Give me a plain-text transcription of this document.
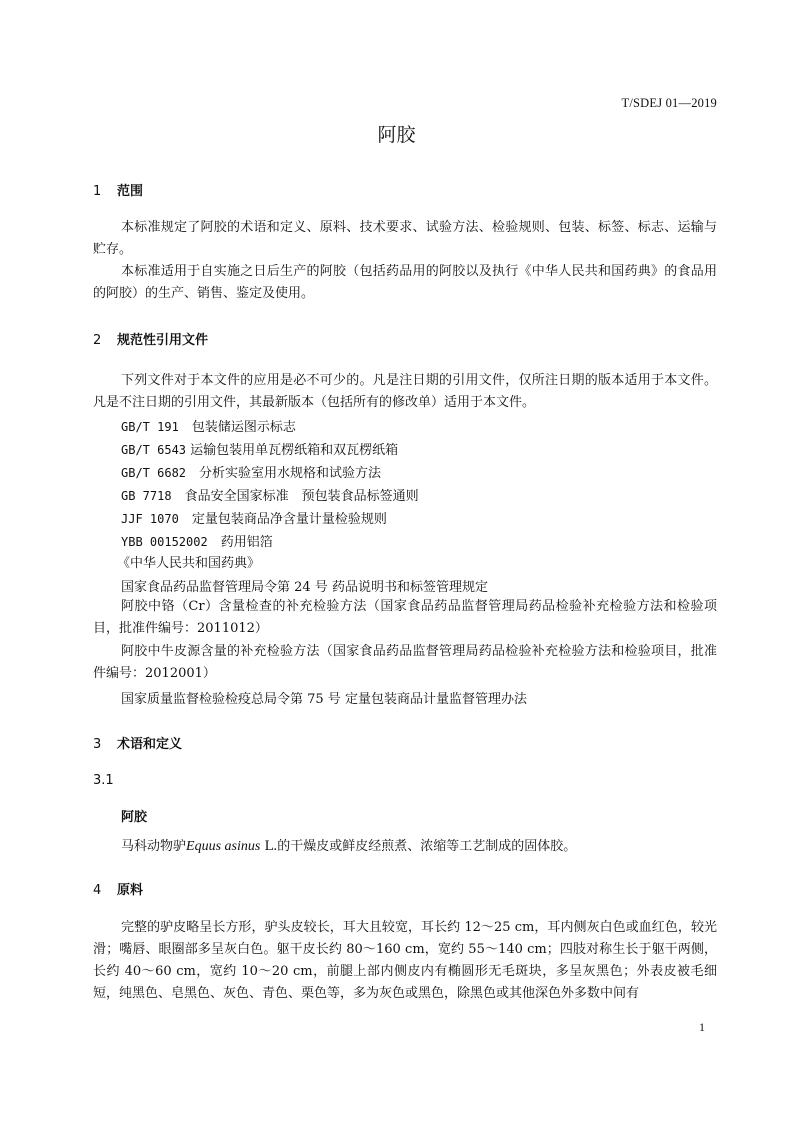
T/SDEJ 01—2019
阿胶
1 范围
本标准规定了阿胶的术语和定义、原料、技术要求、试验方法、检验规则、包装、标签、标志、运输与贮存。
本标准适用于自实施之日后生产的阿胶（包括药品用的阿胶以及执行《中华人民共和国药典》的食品用的阿胶）的生产、销售、鉴定及使用。
2 规范性引用文件
下列文件对于本文件的应用是必不可少的。凡是注日期的引用文件，仅所注日期的版本适用于本文件。凡是不注日期的引用文件，其最新版本（包括所有的修改单）适用于本文件。
GB/T 191　 包装储运图示标志
GB/T 6543 运输包装用单瓦楞纸箱和双瓦楞纸箱
GB/T 6682　 分析实验室用水规格和试验方法
GB 7718　 食品安全国家标准　预包装食品标签通则
JJF 1070　 定量包装商品净含量计量检验规则
YBB 00152002　 药用铝箔
《中华人民共和国药典》
国家食品药品监督管理局令第 24 号 药品说明书和标签管理规定
阿胶中铬（Cr）含量检查的补充检验方法（国家食品药品监督管理局药品检验补充检验方法和检验项目，批准件编号：2011012）
阿胶中牛皮源含量的补充检验方法（国家食品药品监督管理局药品检验补充检验方法和检验项目，批准件编号：2012001）
国家质量监督检验检疫总局令第 75 号 定量包装商品计量监督管理办法
3 术语和定义
3.1
阿胶
马科动物驴Equus asinus L.的干燥皮或鲜皮经煎煮、浓缩等工艺制成的固体胶。
4 原料
完整的驴皮略呈长方形，驴头皮较长，耳大且较宽，耳长约 12～25 cm，耳内侧灰白色或血红色，较光滑；嘴唇、眼圈部多呈灰白色。躯干皮长约 80～160 cm，宽约 55～140 cm；四肢对称生长于躯干两侧，长约 40～60 cm，宽约 10～20 cm，前腿上部内侧皮内有椭圆形无毛斑块，多呈灰黑色；外表皮被毛细短，纯黑色、皂黑色、灰色、青色、栗色等，多为灰色或黑色，除黑色或其他深色外多数中间有
1
